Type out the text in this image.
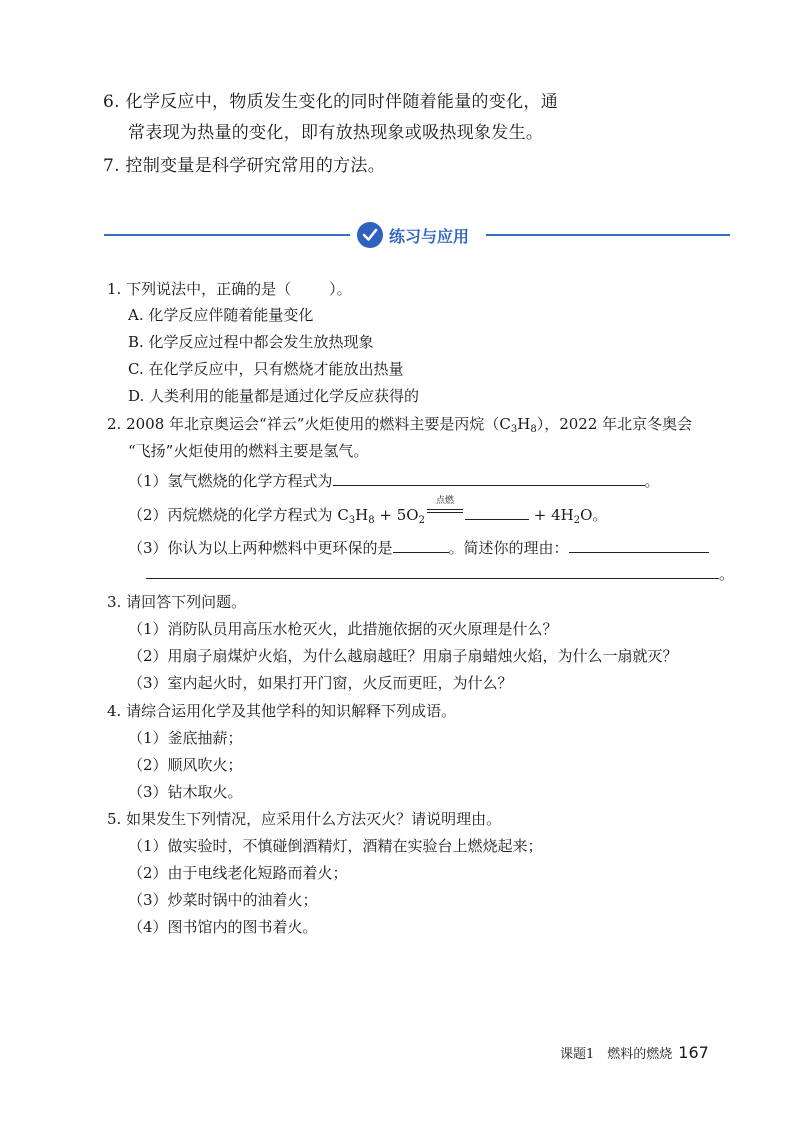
6. 化学反应中，物质发生变化的同时伴随着能量的变化，通
常表现为热量的变化，即有放热现象或吸热现象发生。
7. 控制变量是科学研究常用的方法。
练习与应用
1. 下列说法中，正确的是（	）。
A. 化学反应伴随着能量变化
B. 化学反应过程中都会发生放热现象
C. 在化学反应中，只有燃烧才能放出热量
D. 人类利用的能量都是通过化学反应获得的
2. 2008 年北京奥运会“祥云”火炬使用的燃料主要是丙烷$(C_3H_8)$，2022 年北京冬奥会
“飞扬”火炬使用的燃料主要是氢气。
（1）氢气燃烧的化学方程式为	。
（2）丙烷燃烧的化学方程式为 $C_3H_8 + 5O_2$
点燃
+ $4H_2O$。
（3）你认为以上两种燃料中更环保的是	。简述你的理由：
。
3. 请回答下列问题。
（1）消防队员用高压水枪灭火，此措施依据的灭火原理是什么？
（2）用扇子扇煤炉火焰，为什么越扇越旺？用扇子扇蜡烛火焰，为什么一扇就灭？
（3）室内起火时，如果打开门窗，火反而更旺，为什么？
4. 请综合运用化学及其他学科的知识解释下列成语。
（1）釜底抽薪；
（2）顺风吹火；
（3）钻木取火。
5. 如果发生下列情况，应采用什么方法灭火？请说明理由。
（1）做实验时，不慎碰倒酒精灯，酒精在实验台上燃烧起来；
（2）由于电线老化短路而着火；
（3）炒菜时锅中的油着火；
（4）图书馆内的图书着火。
课题1　燃料的燃烧 167
